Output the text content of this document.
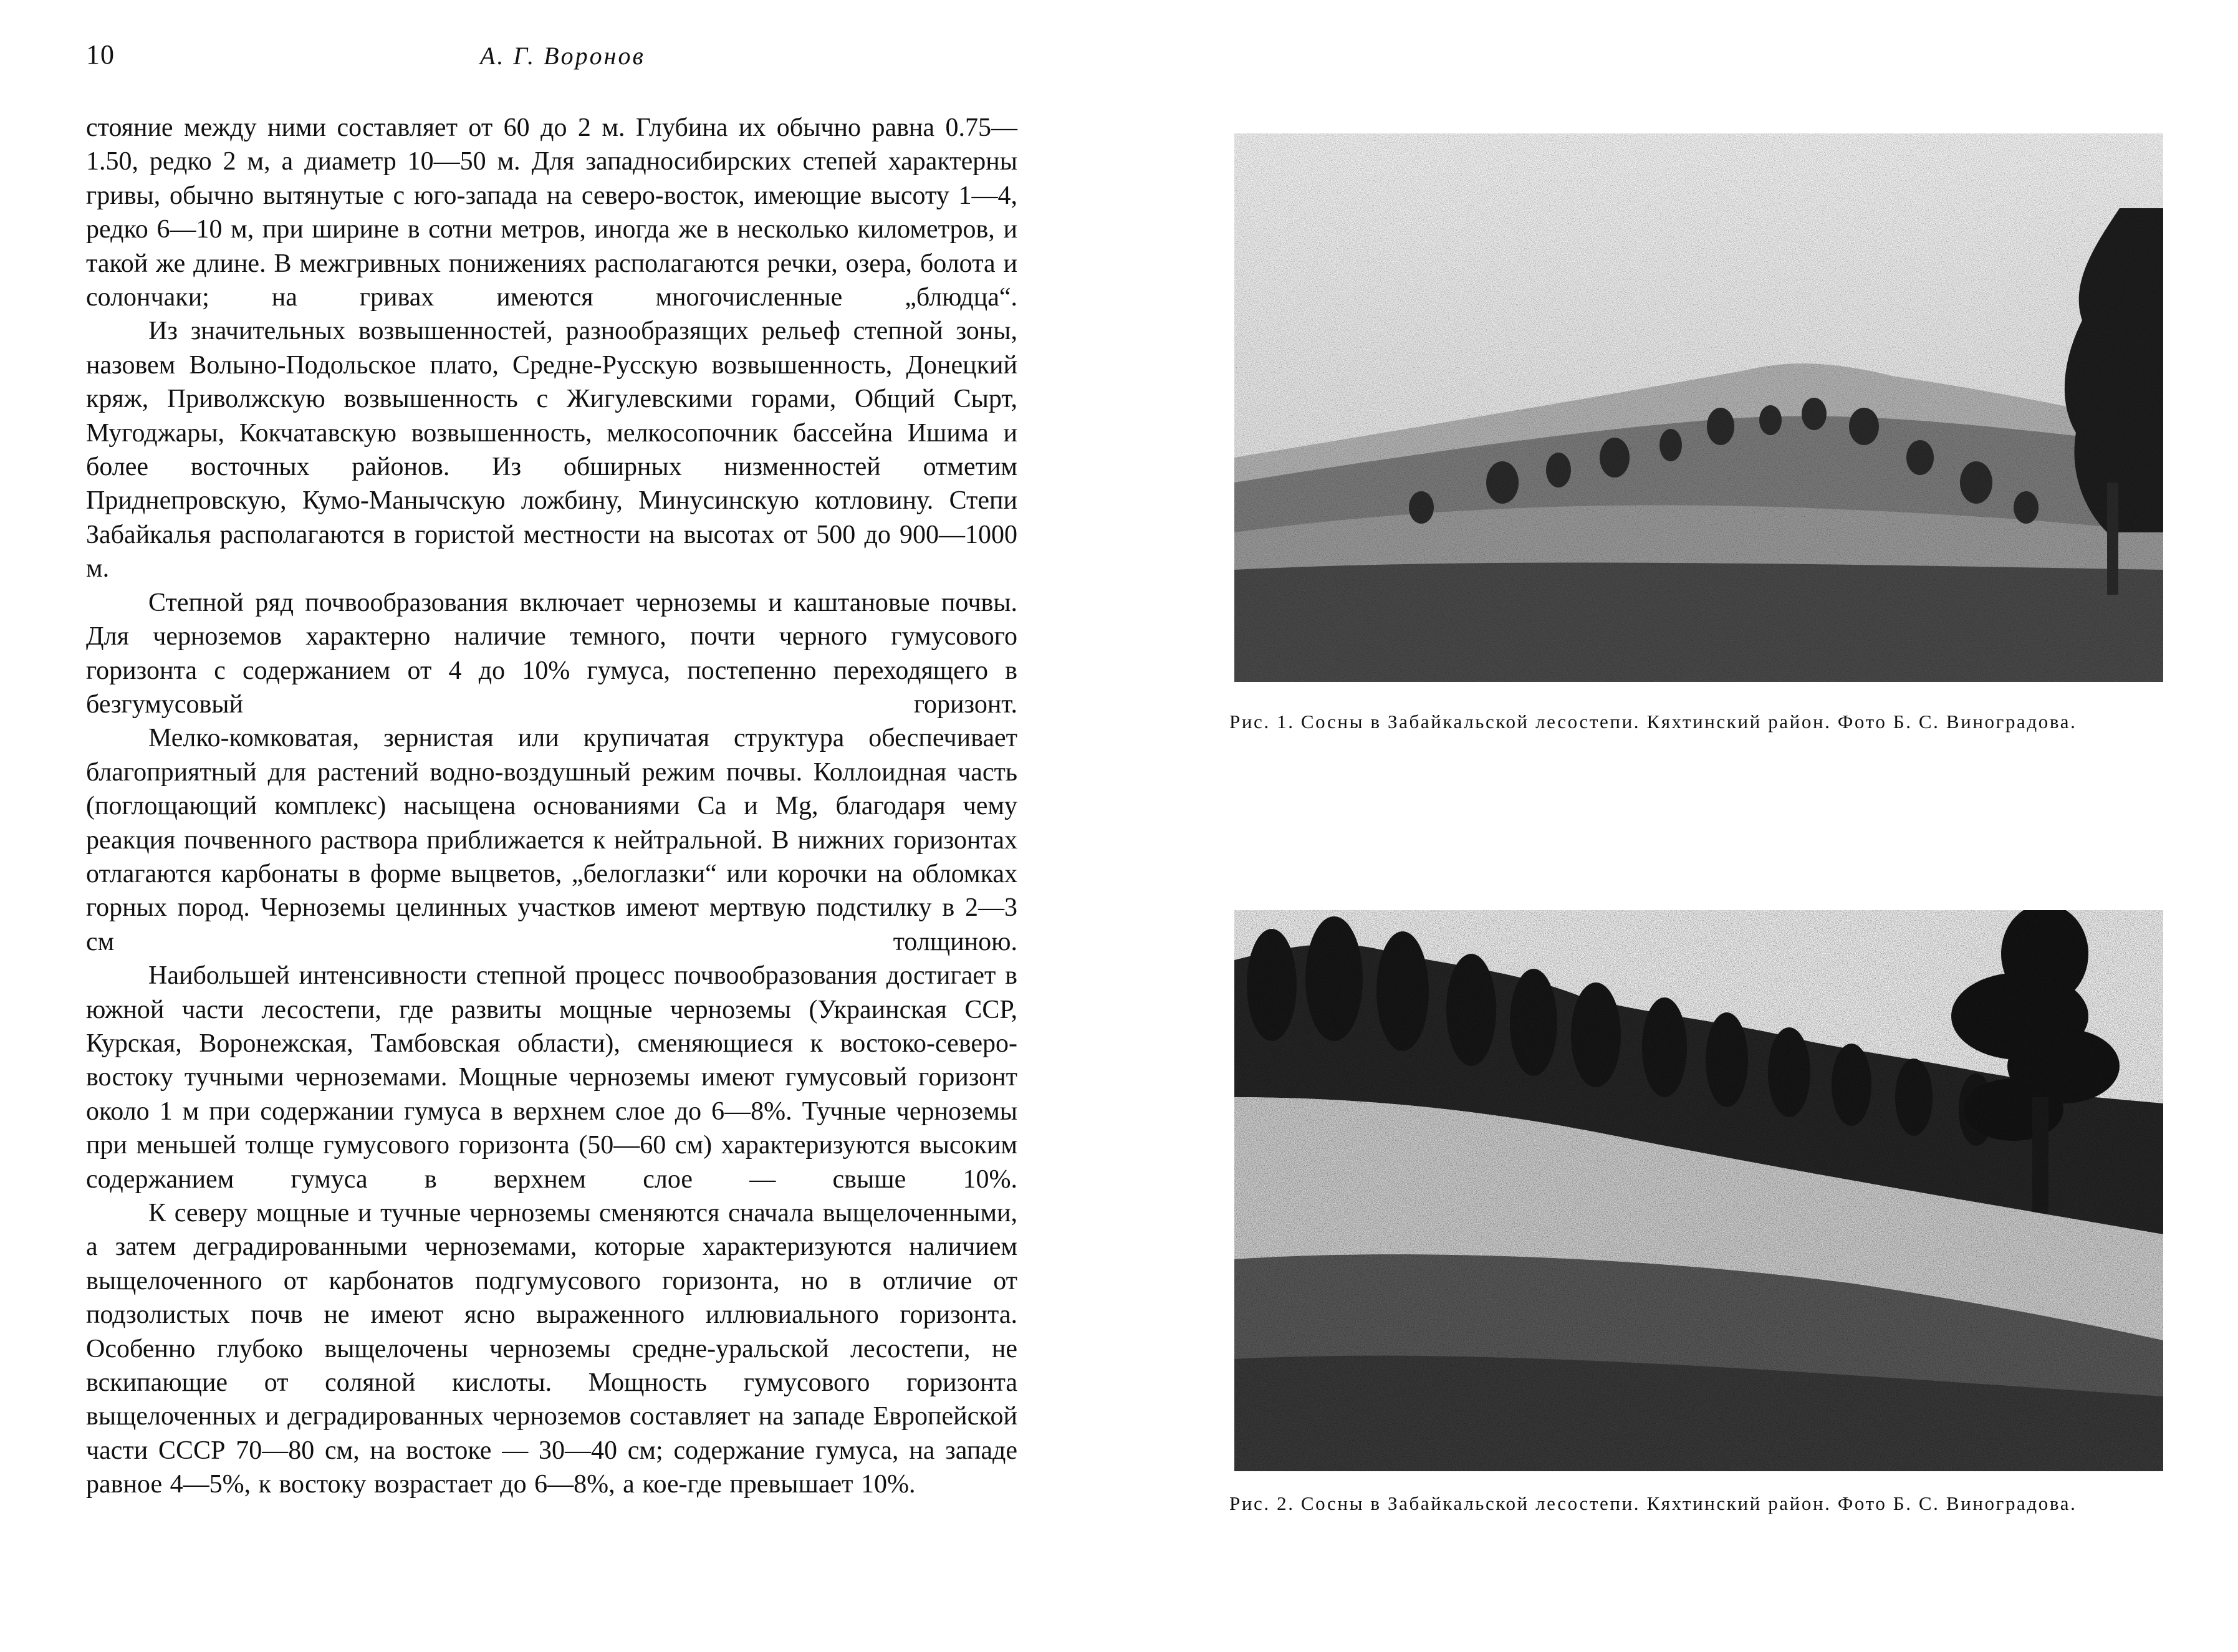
10	А. Г. Воронов

стояние между ними составляет от 60 до 2 м. Глубина их обычно равна 0.75—1.50, редко 2 м, а диаметр 10—50 м. Для западносибирских степей характерны гривы, обычно вытянутые с юго-запада на северо-восток, имеющие высоту 1—4, редко 6—10 м, при ширине в сотни метров, иногда же в несколько километров, и такой же длине. В межгривных понижениях располагаются речки, озера, болота и солончаки; на гривах имеются многочисленные „блюдца“.

Из значительных возвышенностей, разнообразящих рельеф степной зоны, назовем Волыно-Подольское плато, Средне-Русскую возвышенность, Донецкий кряж, Приволжскую возвышенность с Жигулевскими горами, Общий Сырт, Мугоджары, Кокчатавскую возвышенность, мелкосопочник бассейна Ишима и более восточных районов. Из обширных низменностей отметим Приднепровскую, Кумо-Манычскую ложбину, Минусинскую котловину. Степи Забайкалья располагаются в гористой местности на высотах от 500 до 900—1000 м.

Степной ряд почвообразования включает черноземы и каштановые почвы. Для черноземов характерно наличие темного, почти черного гумусового горизонта с содержанием от 4 до 10% гумуса, постепенно переходящего в безгумусовый горизонт.

Мелко-комковатая, зернистая или крупичатая структура обеспечивает благоприятный для растений водно-воздушный режим почвы. Коллоидная часть (поглощающий комплекс) насыщена основаниями Ca и Mg, благодаря чему реакция почвенного раствора приближается к нейтральной. В нижних горизонтах отлагаются карбонаты в форме выцветов, „белоглазки“ или корочки на обломках горных пород. Черноземы целинных участков имеют мертвую подстилку в 2—3 см толщиною.

Наибольшей интенсивности степной процесс почвообразования достигает в южной части лесостепи, где развиты мощные черноземы (Украинская ССР, Курская, Воронежская, Тамбовская области), сменяющиеся к востоко-северо-востоку тучными черноземами. Мощные черноземы имеют гумусовый горизонт около 1 м при содержании гумуса в верхнем слое до 6—8%. Тучные черноземы при меньшей толще гумусового горизонта (50—60 см) характеризуются высоким содержанием гумуса в верхнем слое — свыше 10%.

К северу мощные и тучные черноземы сменяются сначала выщелоченными, а затем деградированными черноземами, которые характеризуются наличием выщелоченного от карбонатов подгумусового горизонта, но в отличие от подзолистых почв не имеют ясно выраженного иллювиального горизонта. Особенно глубоко выщелочены черноземы средне-уральской лесостепи, не вскипающие от соляной кислоты. Мощность гумусового горизонта выщелоченных и деградированных черноземов составляет на западе Европейской части СССР 70—80 см, на востоке — 30—40 см; содержание гумуса, на западе равное 4—5%, к востоку возрастает до 6—8%, а кое-где превышает 10%.

Рис. 1. Сосны в Забайкальской лесостепи. Кяхтинский район. Фото Б. С. Виноградова.
Рис. 2. Сосны в Забайкальской лесостепи. Кяхтинский район. Фото Б. С. Виноградова.
